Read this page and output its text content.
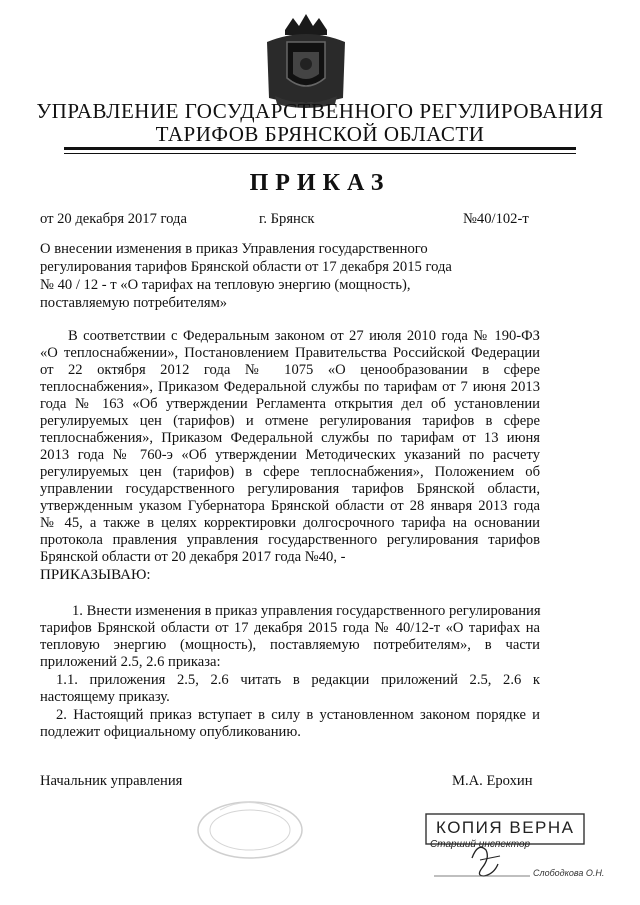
УПРАВЛЕНИЕ ГОСУДАРСТВЕННОГО РЕГУЛИРОВАНИЯ
ТАРИФОВ БРЯНСКОЙ ОБЛАСТИ
ПРИКАЗ
от 20 декабря 2017 года	г. Брянск	№40/102-т
О внесении изменения в приказ Управления государственного
регулирования тарифов Брянской области от 17 декабря 2015 года
№ 40 / 12 - т «О тарифах на тепловую энергию (мощность),
поставляемую потребителям»
В соответствии с Федеральным законом от 27 июля 2010 года № 190-ФЗ
«О теплоснабжении», Постановлением Правительства Российской Федерации
от 22 октября 2012 года № 1075 «О ценообразовании в сфере
теплоснабжения», Приказом Федеральной службы по тарифам от 7 июня 2013
года № 163 «Об утверждении Регламента открытия дел об установлении
регулируемых цен (тарифов) и отмене регулирования тарифов в сфере
теплоснабжения», Приказом Федеральной службы по тарифам от 13 июня
2013 года № 760-э «Об утверждении Методических указаний по расчету
регулируемых цен (тарифов) в сфере теплоснабжения», Положением об
управлении государственного регулирования тарифов Брянской области,
утвержденным указом Губернатора Брянской области от 28 января 2013 года
№ 45, а также в целях корректировки долгосрочного тарифа на основании
протокола правления управления государственного регулирования тарифов
Брянской области от 20 декабря 2017 года №40, -
ПРИКАЗЫВАЮ:
1. Внести изменения в приказ управления государственного регулирования
тарифов Брянской области от 17 декабря 2015 года № 40/12-т «О тарифах на
тепловую энергию (мощность), поставляемую потребителям», в части
приложений 2.5, 2.6 приказа:
1.1. приложения 2.5, 2.6 читать в редакции приложений 2.5, 2.6 к
настоящему приказу.
2. Настоящий приказ вступает в силу в установленном законом порядке и
подлежит официальному опубликованию.
Начальник управления	М.А. Ерохин
КОПИЯ ВЕРНА
Старший инспектор
Слободкова О.Н.
